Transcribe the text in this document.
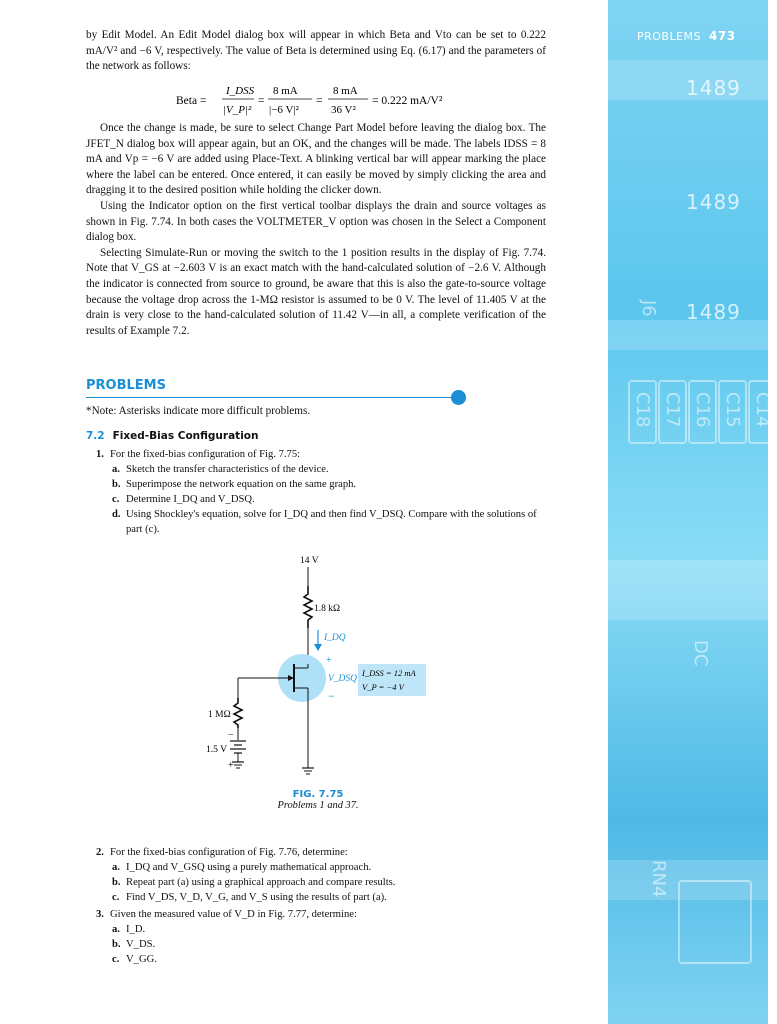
1489
1489
1489
C18 C17 C16 C15 C14
J6
DC
RN4
PROBLEMS 473

by Edit Model. An Edit Model dialog box will appear in which Beta and Vto can be set to 0.222 mA/V² and −6 V, respectively. The value of Beta is determined using Eq. (6.17) and the parameters of the network as follows:

Beta =
I_DSS
|V_P|²
=
8 mA
|−6 V|²
=
8 mA
36 V²
= 0.222 mA/V²

Once the change is made, be sure to select Change Part Model before leaving the dialog box. The JFET_N dialog box will appear again, but an OK, and the changes will be made. The labels IDSS = 8 mA and Vp = −6 V are added using Place-Text. A blinking vertical bar will appear marking the place where the label can be entered. Once entered, it can easily be moved by simply clicking the area and dragging it to the desired position while holding the clicker down.

Using the Indicator option on the first vertical toolbar displays the drain and source voltages as shown in Fig. 7.74. In both cases the VOLTMETER_V option was chosen in the Select a Component dialog box.

Selecting Simulate-Run or moving the switch to the 1 position results in the display of Fig. 7.74. Note that V_GS at −2.603 V is an exact match with the hand-calculated solution of −2.6 V. Although the indicator is connected from source to ground, be aware that this is also the gate-to-source voltage because the voltage drop across the 1-MΩ resistor is assumed to be 0 V. The level of 11.405 V at the drain is very close to the hand-calculated solution of 11.42 V—in all, a complete verification of the results of Example 7.2.

PROBLEMS
*Note: Asterisks indicate more difficult problems.
7.2 Fixed-Bias Configuration
1. For the fixed-bias configuration of Fig. 7.75:
a. Sketch the transfer characteristics of the device.
b. Superimpose the network equation on the same graph.
c. Determine I_DQ and V_DSQ.
d. Using Shockley's equation, solve for I_DQ and then find V_DSQ. Compare with the solutions of part (c).
14 V
1.8 kΩ
I_DQ
+
V_DSQ
−
I_DSS = 12 mA
V_P = −4 V
1 MΩ
−
1.5 V
+
FIG. 7.75
Problems 1 and 37.
2. For the fixed-bias configuration of Fig. 7.76, determine:
a. I_DQ and V_GSQ using a purely mathematical approach.
b. Repeat part (a) using a graphical approach and compare results.
c. Find V_DS, V_D, V_G, and V_S using the results of part (a).
3. Given the measured value of V_D in Fig. 7.77, determine:
a. I_D.
b. V_DS.
c. V_GG.
